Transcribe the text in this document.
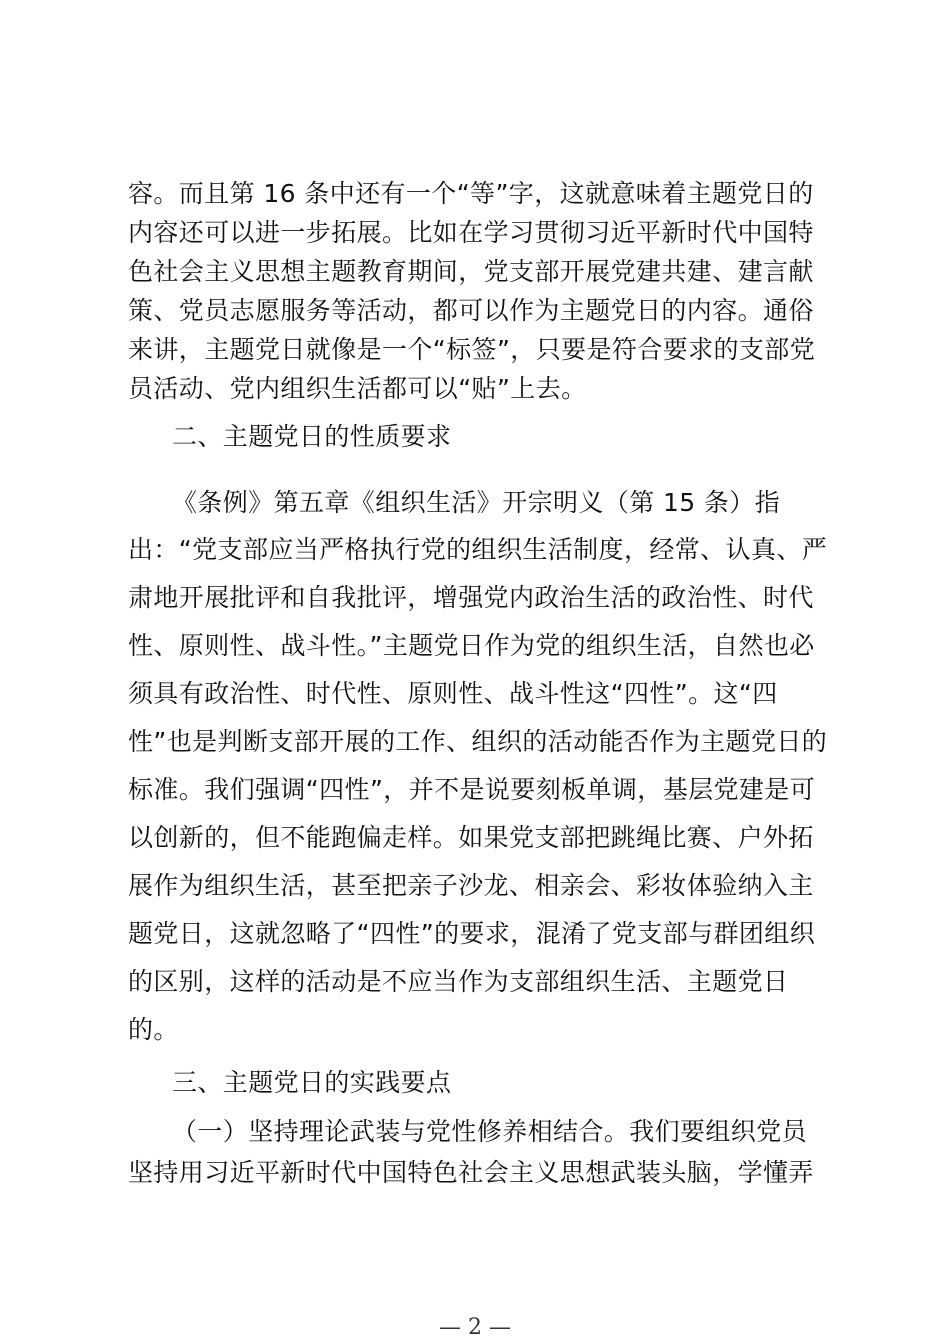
容。而且第 16 条中还有一个“等”字，这就意味着主题党日的
内容还可以进一步拓展。比如在学习贯彻习近平新时代中国特
色社会主义思想主题教育期间，党支部开展党建共建、建言献
策、党员志愿服务等活动，都可以作为主题党日的内容。通俗
来讲，主题党日就像是一个“标签”，只要是符合要求的支部党
员活动、党内组织生活都可以“贴”上去。
二、主题党日的性质要求
《条例》第五章《组织生活》开宗明义（第 15 条）指
出：“党支部应当严格执行党的组织生活制度，经常、认真、严
肃地开展批评和自我批评，增强党内政治生活的政治性、时代
性、原则性、战斗性。”主题党日作为党的组织生活，自然也必
须具有政治性、时代性、原则性、战斗性这“四性”。这“四
性”也是判断支部开展的工作、组织的活动能否作为主题党日的
标准。我们强调“四性”，并不是说要刻板单调，基层党建是可
以创新的，但不能跑偏走样。如果党支部把跳绳比赛、户外拓
展作为组织生活，甚至把亲子沙龙、相亲会、彩妆体验纳入主
题党日，这就忽略了“四性”的要求，混淆了党支部与群团组织
的区别，这样的活动是不应当作为支部组织生活、主题党日
的。
三、主题党日的实践要点
（一）坚持理论武装与党性修养相结合。我们要组织党员
坚持用习近平新时代中国特色社会主义思想武装头脑，学懂弄
— 2 —
